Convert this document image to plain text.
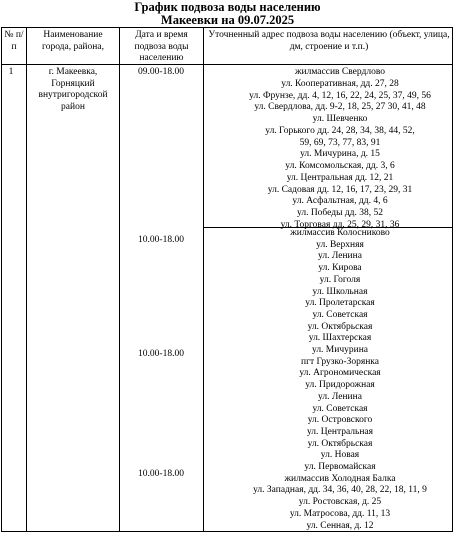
График подвоза воды населению
Макеевки на 09.07.2025
№ п/п
Наименование города, района,
Дата и время подвоза воды населению
Уточненный адрес подвоза воды населению (объект, улица, дм, строение и т.п.)
1	г. Макеевка, Горняцкий внутригородской район
09.00-18.00
10.00-18.00
10.00-18.00
10.00-18.00
жилмассив Свердлово
ул. Кооперативная, дд. 27, 28
ул. Фрунзе, дд. 4, 12, 16, 22, 24, 25, 37, 49, 56
ул. Свердлова, дд. 9-2, 18, 25, 27 30, 41, 48
ул. Шевченко
ул. Горького дд. 24, 28, 34, 38, 44, 52,
59, 69, 73, 77, 83, 91
ул. Мичурина, д. 15
ул. Комсомольская, дд. 3, 6
ул. Центральная дд. 12, 21
ул. Садовая дд. 12, 16, 17, 23, 29, 31
ул. Асфальтная, дд. 4, 6
ул. Победы дд. 38, 52
ул. Торговая дд. 25, 29, 31, 36
жилмассив Колосниково
ул. Верхняя
ул. Ленина
ул. Кирова
ул. Гоголя
ул. Школьная
ул. Пролетарская
ул. Советская
ул. Октябрьская
ул. Шахтерская
ул. Мичурина
пгт Грузко-Зорянка
ул. Агрономическая
ул. Придорожная
ул. Ленина
ул. Советская
ул. Островского
ул. Центральная
ул. Октябрьская
ул. Новая
ул. Первомайская
жилмассив Холодная Балка
ул. Западная, дд. 34, 36, 40, 28, 22, 18, 11, 9
ул. Ростовская, д. 25
ул. Матросова, дд. 11, 13
ул. Сенная, д. 12
